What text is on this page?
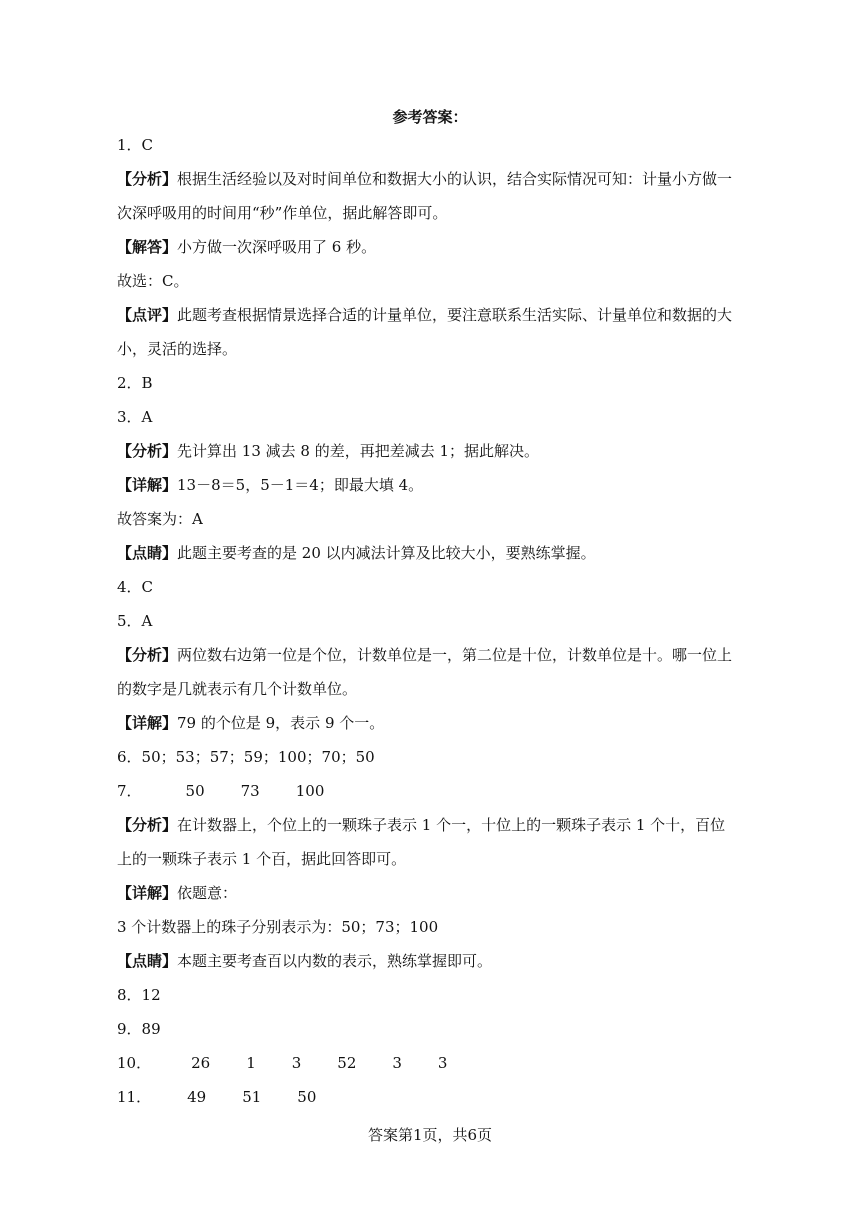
参考答案：
1．C
【分析】根据生活经验以及对时间单位和数据大小的认识，结合实际情况可知：计量小方做一次深呼吸用的时间用“秒”作单位，据此解答即可。
【解答】小方做一次深呼吸用了 6 秒。
故选：C。
【点评】此题考查根据情景选择合适的计量单位，要注意联系生活实际、计量单位和数据的大小，灵活的选择。
2．B
3．A
【分析】先计算出 13 减去 8 的差，再把差减去 1；据此解决。
【详解】13－8＝5，5－1＝4；即最大填 4。
故答案为：A
【点睛】此题主要考查的是 20 以内减法计算及比较大小，要熟练掌握。
4．C
5．A
【分析】两位数右边第一位是个位，计数单位是一，第二位是十位，计数单位是十。哪一位上的数字是几就表示有几个计数单位。
【详解】79 的个位是 9，表示 9 个一。
6．50；53；57；59；100；70；50
7．	50 73 100
【分析】在计数器上，个位上的一颗珠子表示 1 个一，十位上的一颗珠子表示 1 个十，百位上的一颗珠子表示 1 个百，据此回答即可。
【详解】依题意：
3 个计数器上的珠子分别表示为：50；73；100
【点睛】本题主要考查百以内数的表示，熟练掌握即可。
8．12
9．89
10．	26 1 3 52 3 3
11． 49 51 50
答案第1页，共6页
